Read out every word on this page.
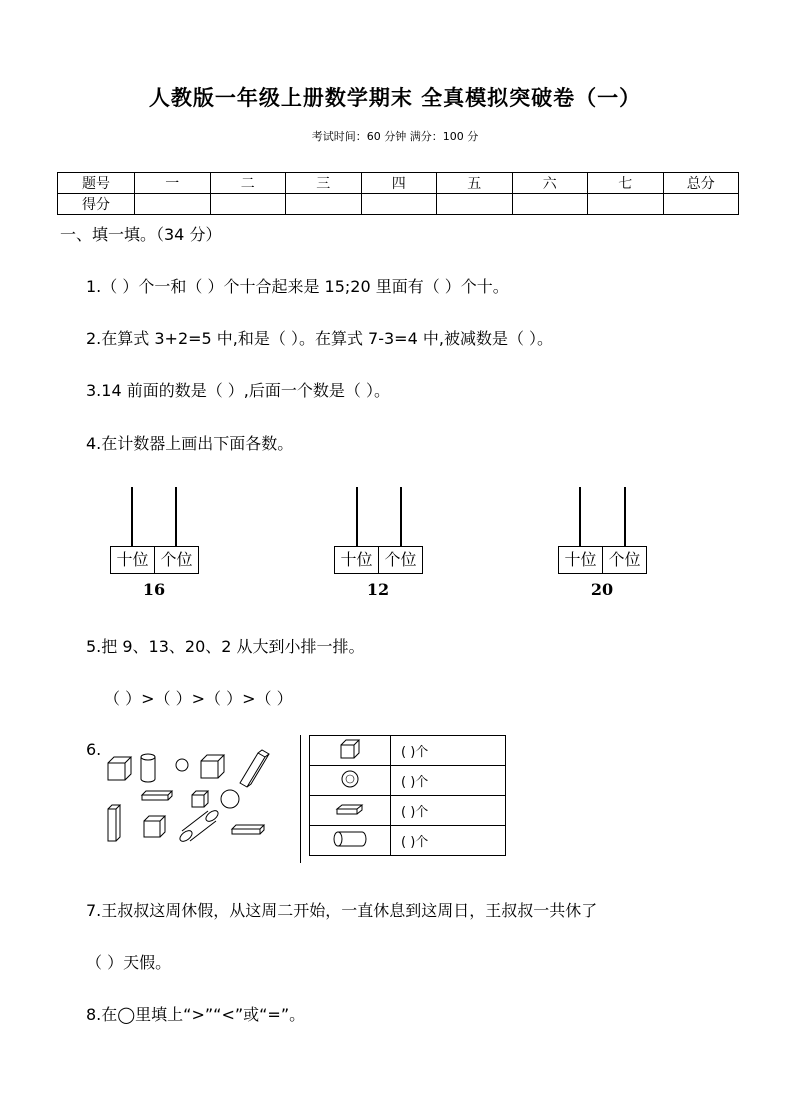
人教版一年级上册数学期末 全真模拟突破卷（一）
考试时间：60 分钟 满分：100 分
题号	一	二	三	四	五	六	七	总分
得分								
一、填一填。（34 分）
1.（ ）个一和（ ）个十合起来是 15;20 里面有（ ）个十。
2.在算式 3+2=5 中,和是（ ）。在算式 7-3=4 中,被减数是（ ）。
3.14 前面的数是（ ）,后面一个数是（ ）。
4.在计数器上画出下面各数。
十位 个位
16
十位 个位
12
十位 个位
20
5.把 9、13、20、2 从大到小排一排。
（ ）>（ ）>（ ）>（ ）
6.
		( )个
	( )个
	( )个
	( )个
7.王叔叔这周休假，从这周二开始，一直休息到这周日，王叔叔一共休了
（ ）天假。
8.在◯里填上“>”“<”或“=”。
